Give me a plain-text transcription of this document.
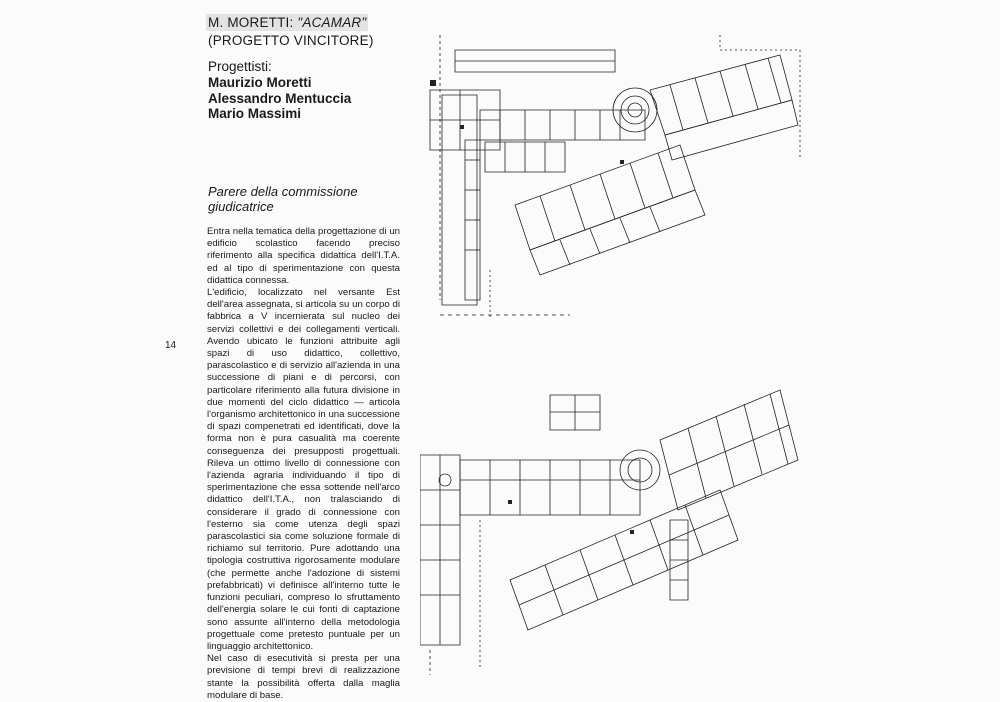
M. MORETTI: "ACAMAR"
(PROGETTO VINCITORE)
Progettisti:
Maurizio Moretti
Alessandro Mentuccia
Mario Massimi
Parere della commissione
giudicatrice

Entra nella tematica della progettazione di un edificio scolastico facendo preciso riferimento alla specifica didattica dell'I.T.A. ed al tipo di sperimentazione con questa didattica connessa.

L'edificio, localizzato nel versante Est dell'area assegnata, si articola su un corpo di fabbrica a V incernierata sul nucleo dei servizi collettivi e dei collegamenti verticali. Avendo ubicato le funzioni attribuite agli spazi di uso didattico, collettivo, parascolastico e di servizio all'azienda in una successione di piani e di percorsi, con particolare riferimento alla futura divisione in due momenti del ciclo didattico — articola l'organismo architettonico in una successione di spazi compenetrati ed identificati, dove la forma non è pura casualità ma coerente conseguenza dei presupposti progettuali. Rileva un ottimo livello di connessione con l'azienda agraria individuando il tipo di sperimentazione che essa sottende nell'arco didattico dell'I.T.A., non tralasciando di considerare il grado di connessione con l'esterno sia come utenza degli spazi parascolastici sia come soluzione formale di richiamo sul territorio. Pure adottando una tipologia costruttiva rigorosamente modulare (che permette anche l'adozione di sistemi prefabbricati) vi definisce all'interno tutte le funzioni peculiari, compreso lo sfruttamento dell'energia solare le cui fonti di captazione sono assunte all'interno della metodologia progettuale come pretesto puntuale per un linguaggio architettonico.

Nel caso di esecutività si presta per una previsione di tempi brevi di realizzazione stante la possibilità offerta dalla maglia modulare di base.

14
